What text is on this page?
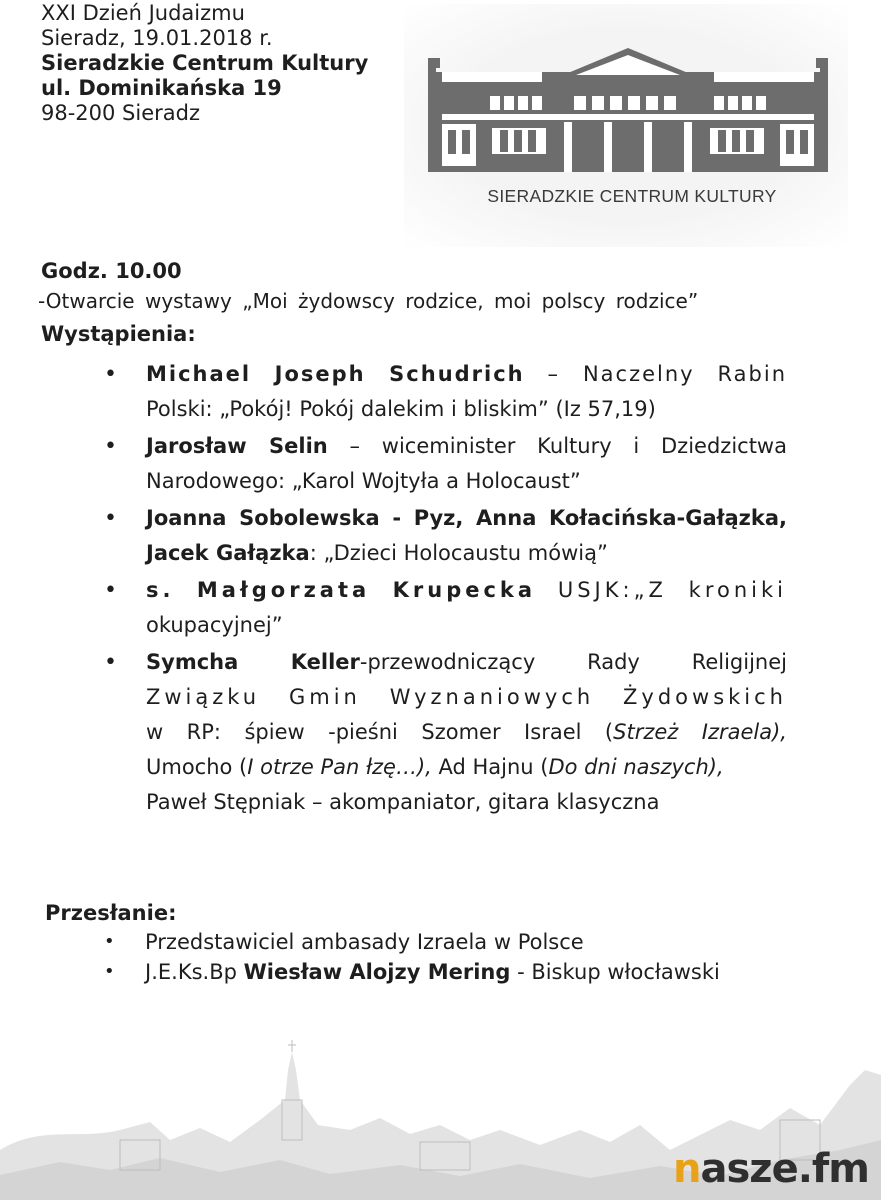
XXI Dzień Judaizmu
Sieradz, 19.01.2018 r.
Sieradzkie Centrum Kultury
ul. Dominikańska 19
98-200 Sieradz
SIERADZKIE CENTRUM KULTURY
Godz. 10.00
-Otwarcie wystawy „Moi żydowscy rodzice, moi polscy rodzice”
Wystąpienia:
• Michael Joseph Schudrich – Naczelny Rabin
Polski: „Pokój! Pokój dalekim i bliskim” (Iz 57,19)
• Jarosław Selin – wiceminister Kultury i Dziedzictwa
Narodowego: „Karol Wojtyła a Holocaust”
• Joanna Sobolewska - Pyz, Anna Kołacińska-Gałązka,
Jacek Gałązka: „Dzieci Holocaustu mówią”
• s. Małgorzata Krupecka USJK:„Z kroniki
okupacyjnej”
• Symcha Keller-przewodniczący Rady Religijnej
Związku Gmin Wyznaniowych Żydowskich
w RP: śpiew -pieśni Szomer Israel (Strzeż Izraela),
Umocho (I otrze Pan łzę…), Ad Hajnu (Do dni naszych),
Paweł Stępniak – akompaniator, gitara klasyczna
Przesłanie:
• Przedstawiciel ambasady Izraela w Polsce
• J.E.Ks.Bp Wiesław Alojzy Mering - Biskup włocławski
nasze.fm
